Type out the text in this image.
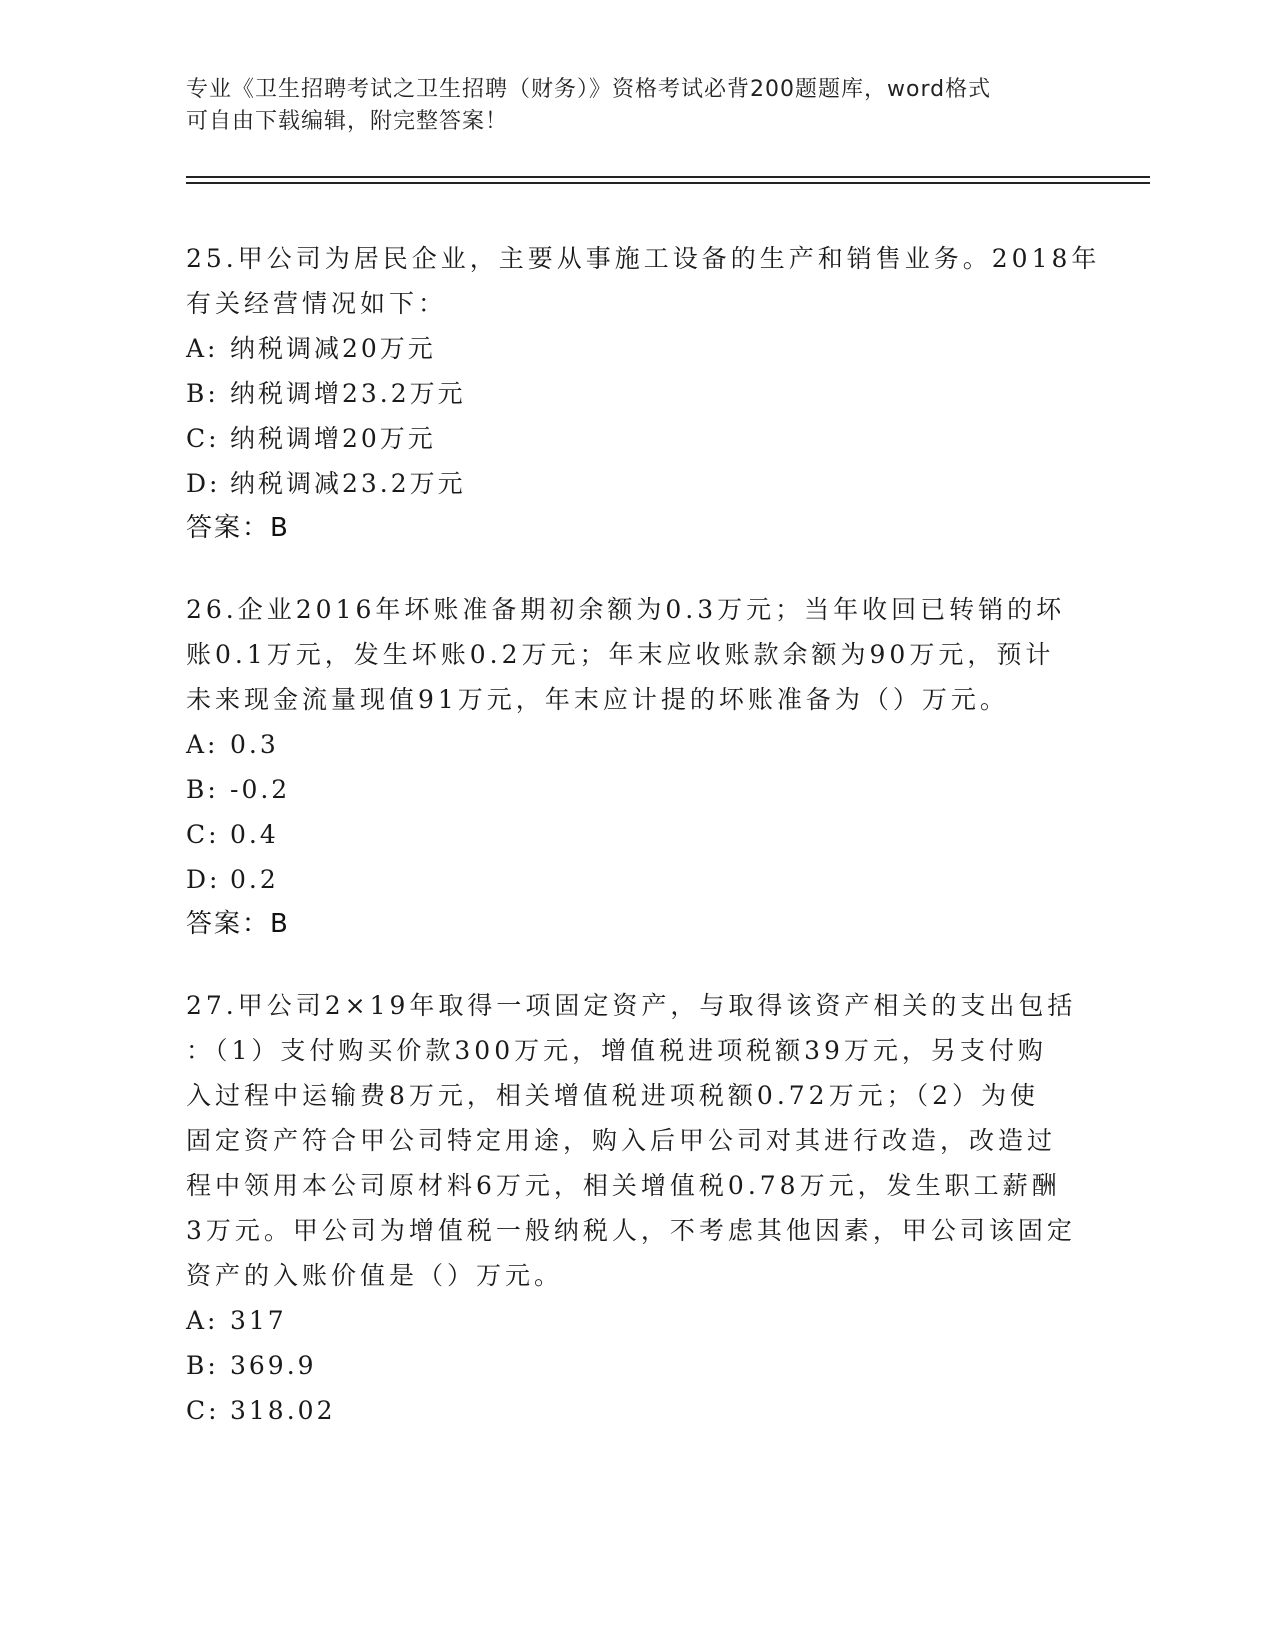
专业《卫生招聘考试之卫生招聘（财务）》资格考试必背200题题库，word格式
可自由下载编辑，附完整答案！
25.甲公司为居民企业，主要从事施工设备的生产和销售业务。2018年
有关经营情况如下：
A: 纳税调减20万元
B: 纳税调增23.2万元
C: 纳税调增20万元
D: 纳税调减23.2万元
答案：B
26.企业2016年坏账准备期初余额为0.3万元；当年收回已转销的坏
账0.1万元，发生坏账0.2万元；年末应收账款余额为90万元，预计
未来现金流量现值91万元，年末应计提的坏账准备为（）万元。
A: 0.3
B: -0.2
C: 0.4
D: 0.2
答案：B
27.甲公司2×19年取得一项固定资产，与取得该资产相关的支出包括
：（1）支付购买价款300万元，增值税进项税额39万元，另支付购
入过程中运输费8万元，相关增值税进项税额0.72万元；（2）为使
固定资产符合甲公司特定用途，购入后甲公司对其进行改造，改造过
程中领用本公司原材料6万元，相关增值税0.78万元，发生职工薪酬
3万元。甲公司为增值税一般纳税人，不考虑其他因素，甲公司该固定
资产的入账价值是（）万元。
A: 317
B: 369.9
C: 318.02
